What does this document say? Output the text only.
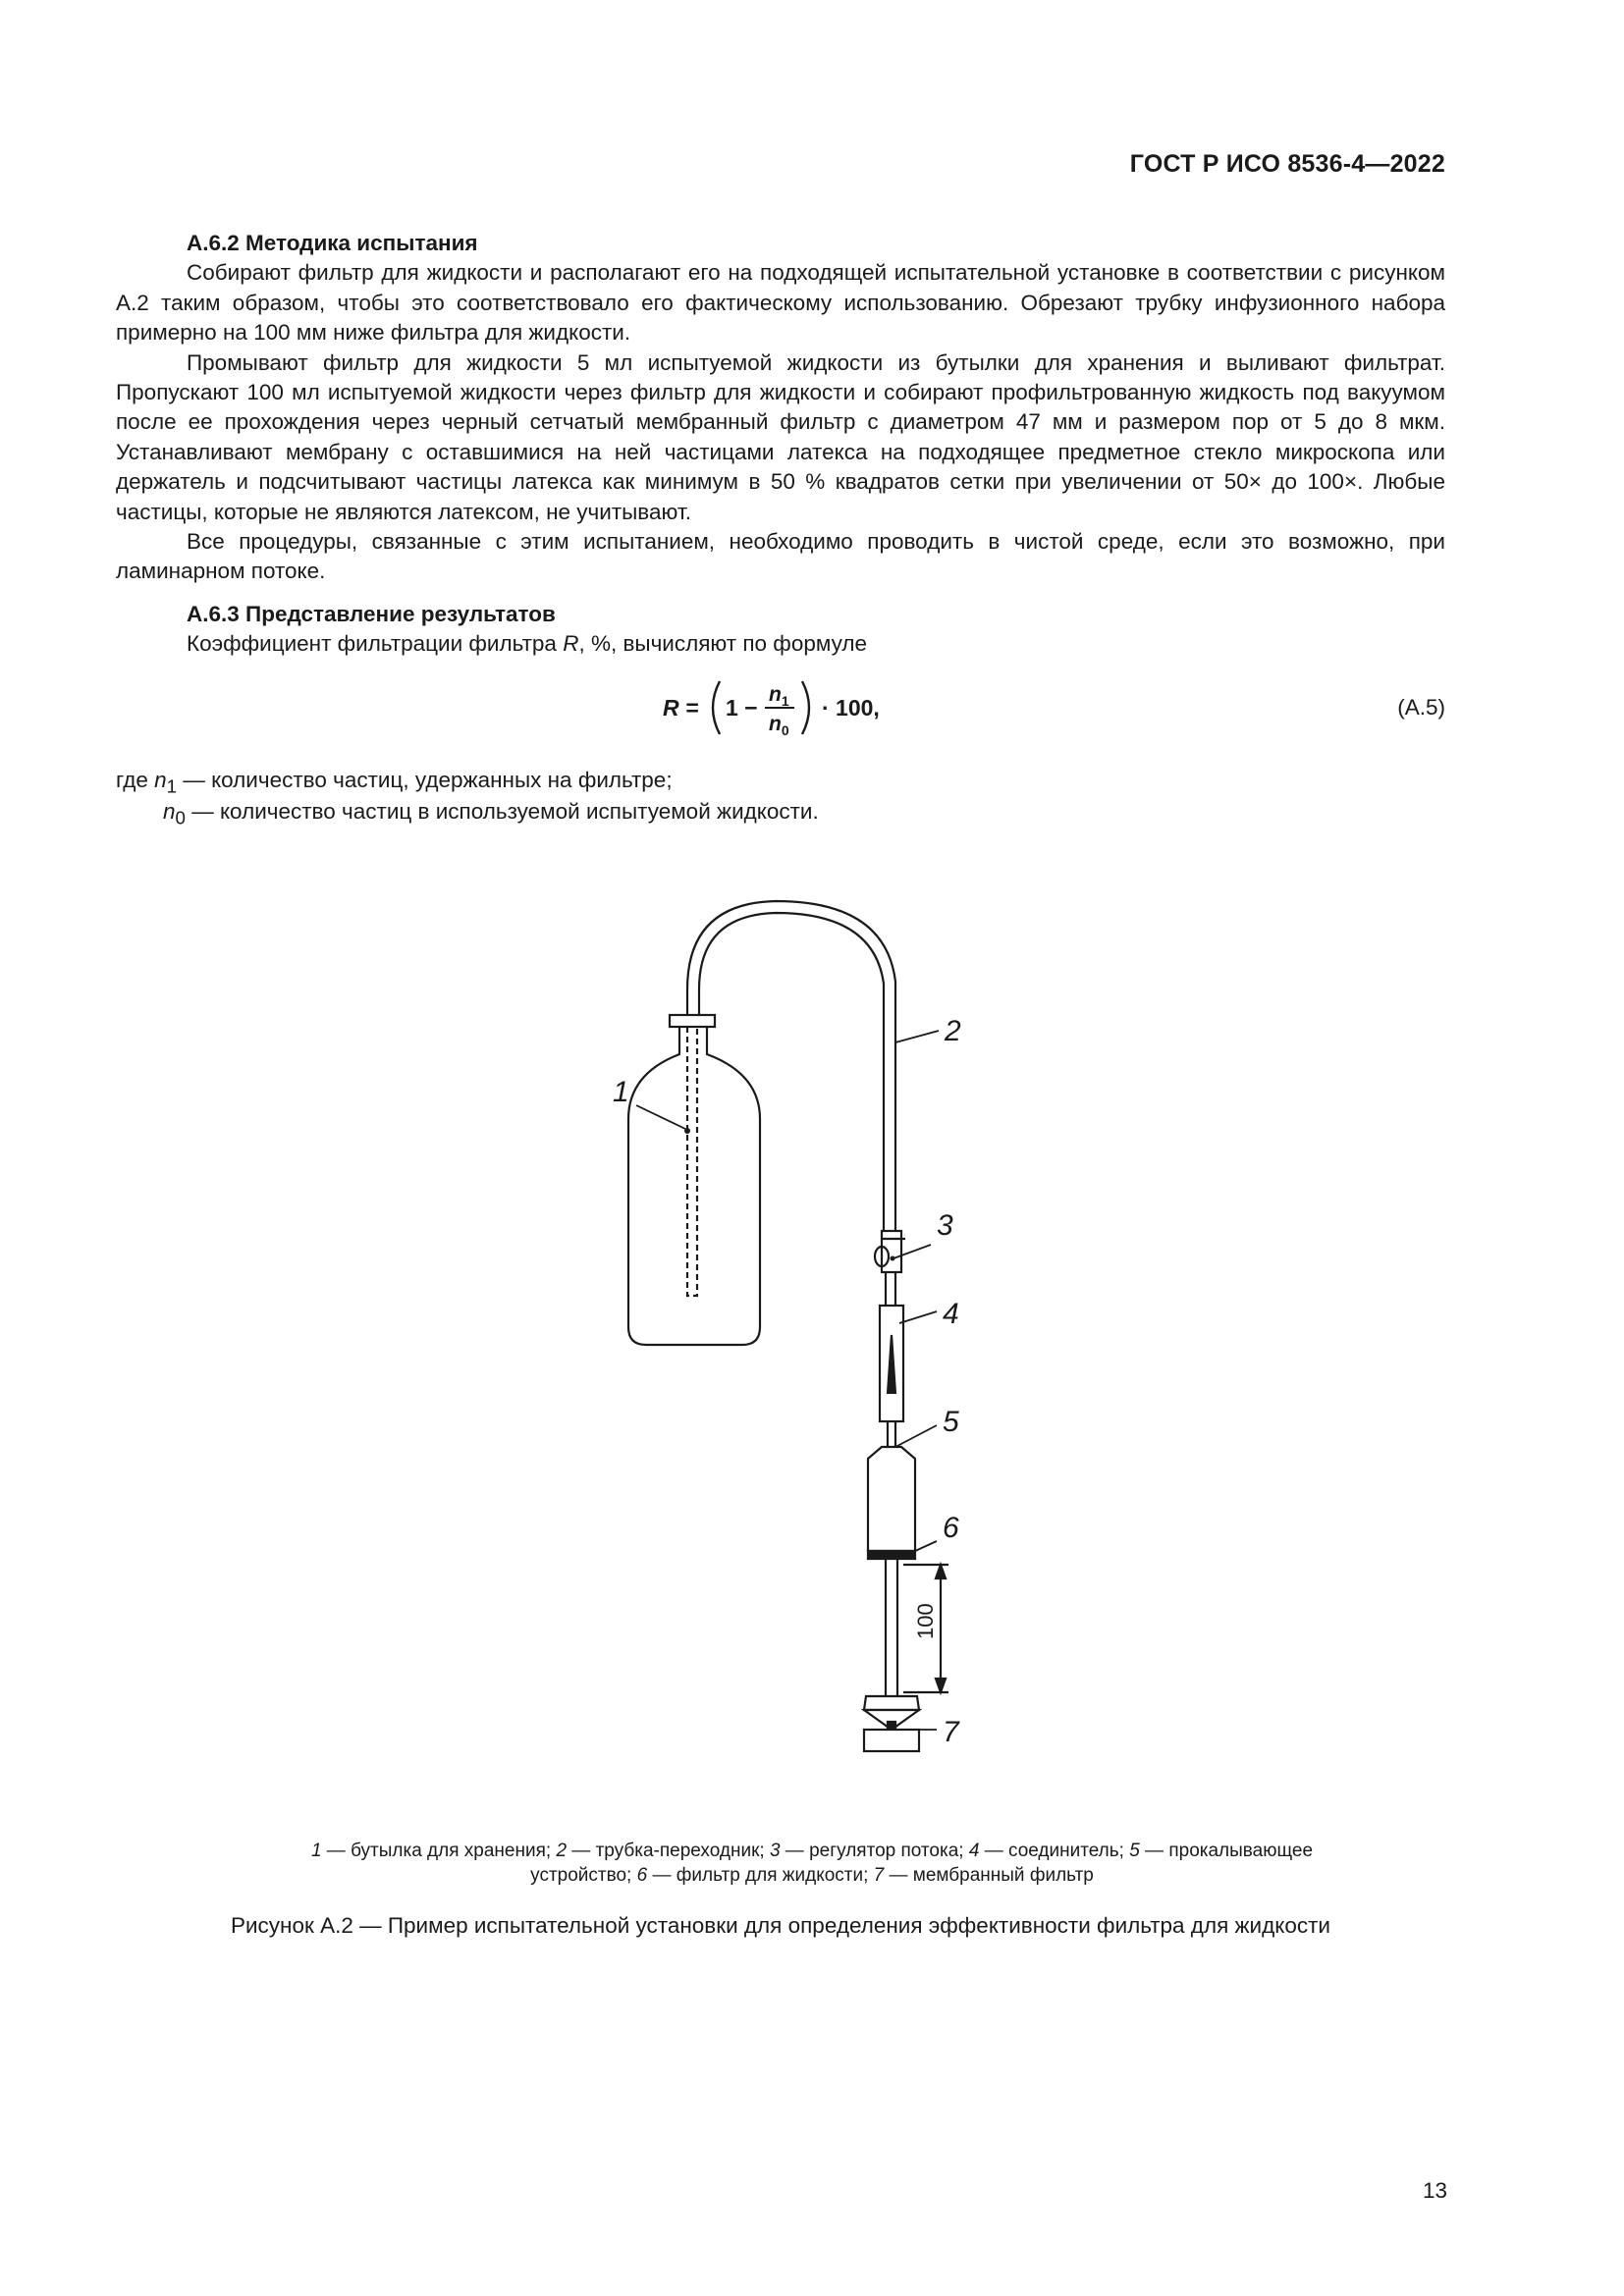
ГОСТ Р ИСО 8536-4—2022
А.6.2 Методика испытания

Собирают фильтр для жидкости и располагают его на подходящей испытательной установке в соответствии с рисунком А.2 таким образом, чтобы это соответствовало его фактическому использованию. Обрезают трубку инфузионного набора примерно на 100 мм ниже фильтра для жидкости.

Промывают фильтр для жидкости 5 мл испытуемой жидкости из бутылки для хранения и выливают фильтрат. Пропускают 100 мл испытуемой жидкости через фильтр для жидкости и собирают профильтрованную жидкость под вакуумом после ее прохождения через черный сетчатый мембранный фильтр с диаметром 47 мм и размером пор от 5 до 8 мкм. Устанавливают мембрану с оставшимися на ней частицами латекса на подходящее предметное стекло микроскопа или держатель и подсчитывают частицы латекса как минимум в 50 % квадратов сетки при увеличении от 50× до 100×. Любые частицы, которые не являются латексом, не учитывают.

Все процедуры, связанные с этим испытанием, необходимо проводить в чистой среде, если это возможно, при ламинарном потоке.

А.6.3 Представление результатов

Коэффициент фильтрации фильтра R, %, вычисляют по формуле

R = 1 −
$n_1$
$n_0$
· 100,	(А.5)
где $n_1$ — количество частиц, удержанных на фильтре;
$n_0$ — количество частиц в используемой испытуемой жидкости.
1
2
3
4
5
6
7
100
1 — бутылка для хранения; 2 — трубка-переходник; 3 — регулятор потока; 4 — соединитель; 5 — прокалывающее
устройство; 6 — фильтр для жидкости; 7 — мембранный фильтр
Рисунок А.2 — Пример испытательной установки для определения эффективности фильтра для жидкости
13
